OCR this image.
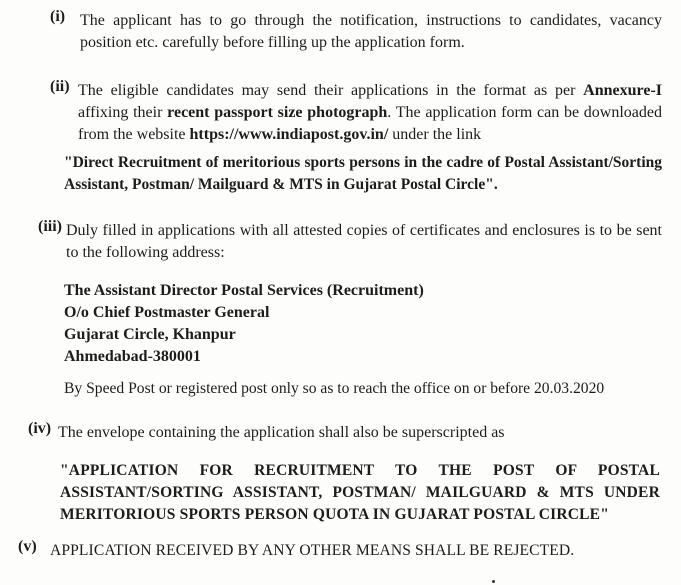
(i) The applicant has to go through the notification, instructions to candidates, vacancy position etc. carefully before filling up the application form.
(ii) The eligible candidates may send their applications in the format as per Annexure-I affixing their recent passport size photograph. The application form can be downloaded from the website https://www.indiapost.gov.in/ under the link
"Direct Recruitment of meritorious sports persons in the cadre of Postal Assistant/Sorting Assistant, Postman/ Mailguard & MTS in Gujarat Postal Circle".
(iii) Duly filled in applications with all attested copies of certificates and enclosures is to be sent to the following address:
The Assistant Director Postal Services (Recruitment)
O/o Chief Postmaster General
Gujarat Circle, Khanpur
Ahmedabad-380001
By Speed Post or registered post only so as to reach the office on or before 20.03.2020
(iv) The envelope containing the application shall also be superscripted as
"APPLICATION FOR RECRUITMENT TO THE POST OF POSTAL ASSISTANT/SORTING ASSISTANT, POSTMAN/ MAILGUARD & MTS UNDER MERITORIOUS SPORTS PERSON QUOTA IN GUJARAT POSTAL CIRCLE"
(v) APPLICATION RECEIVED BY ANY OTHER MEANS SHALL BE REJECTED.
